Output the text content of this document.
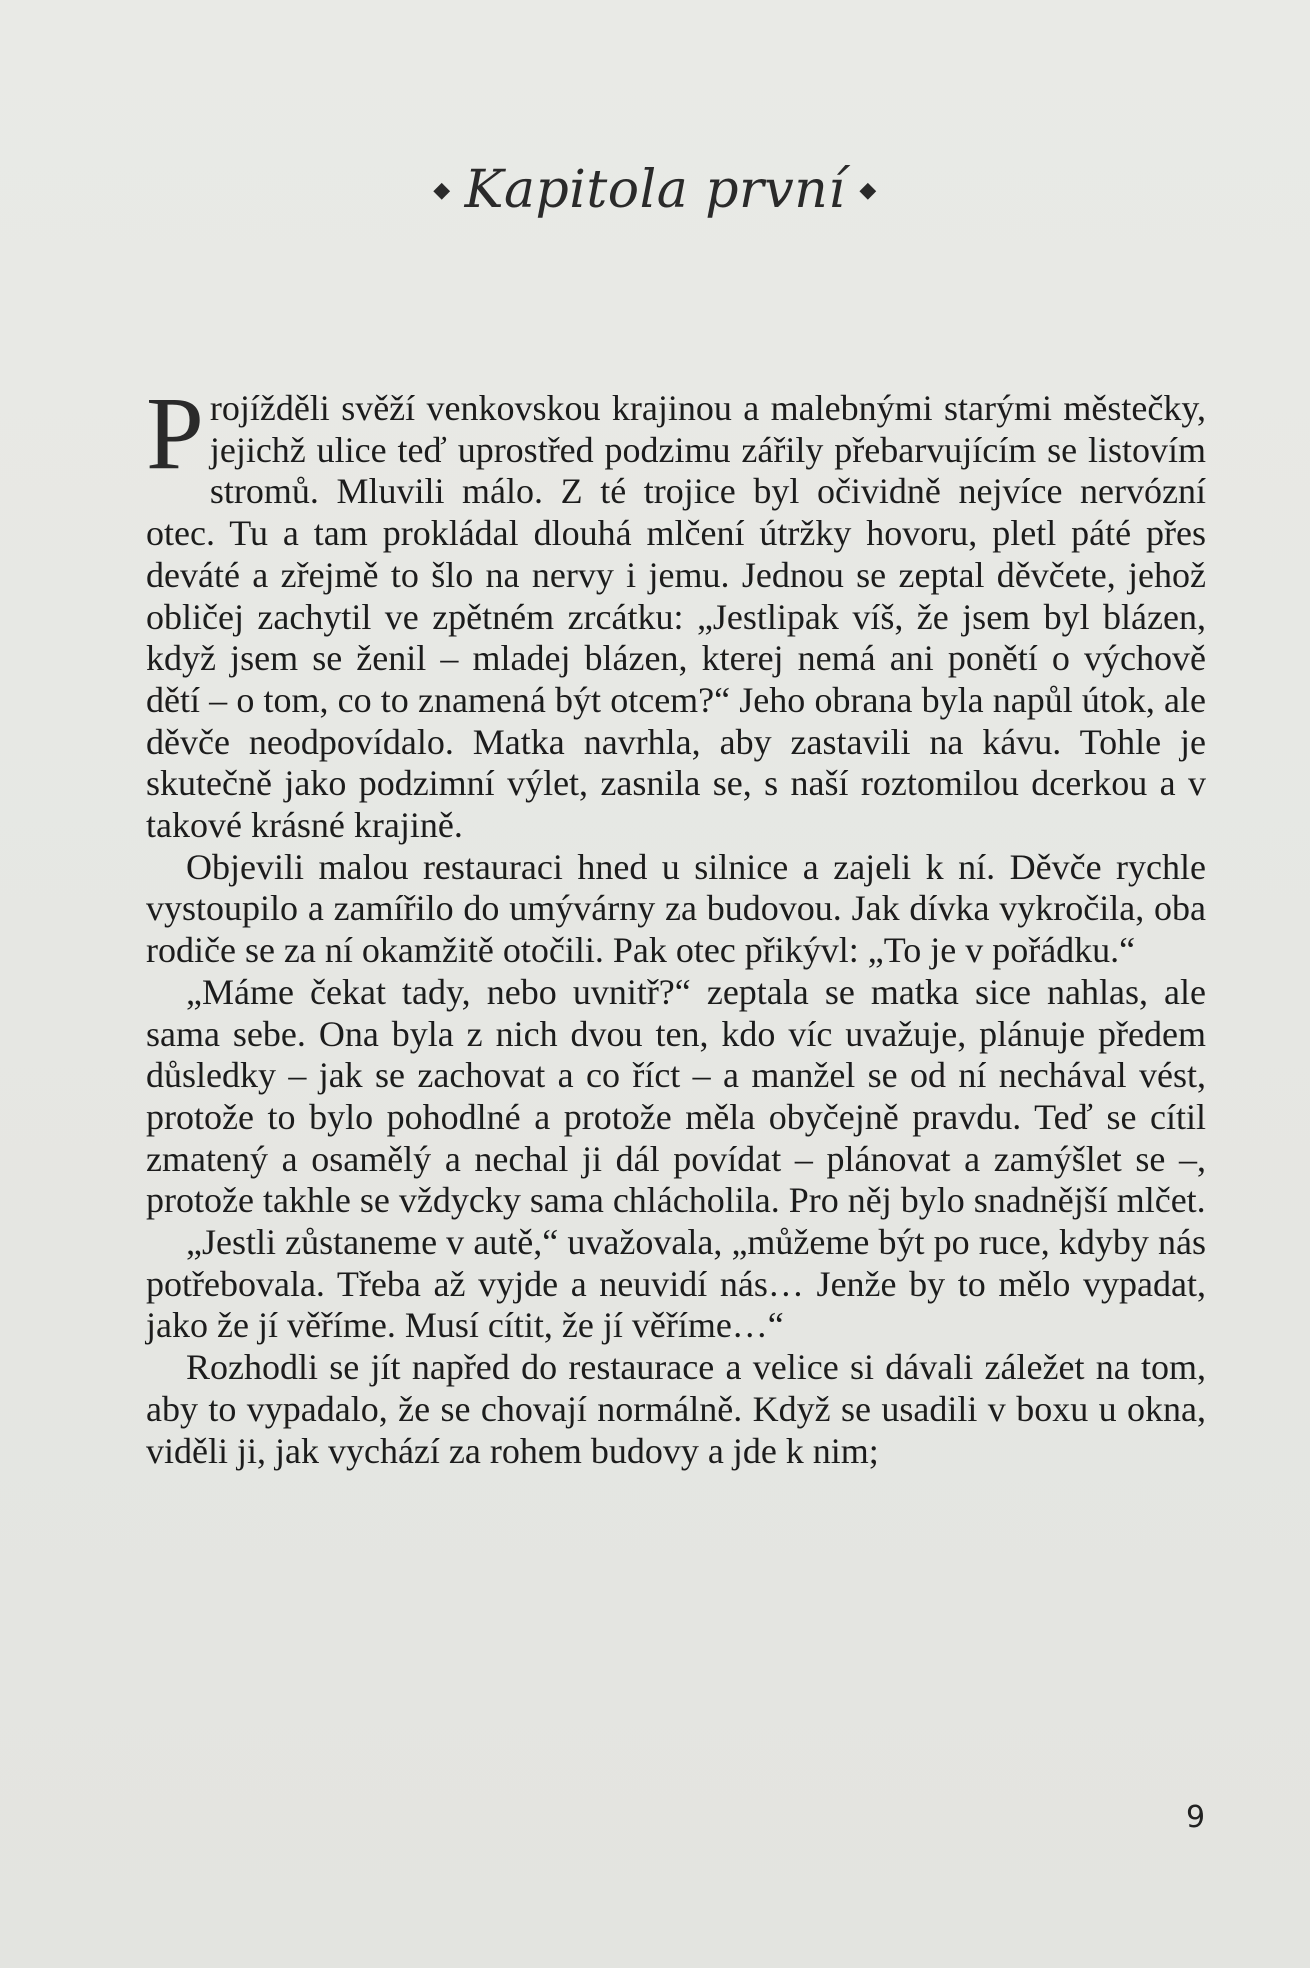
◆ Kapitola první ◆

Projížděli svěží venkovskou krajinou a malebnými starými městečky, jejichž ulice teď uprostřed podzimu zářily přebarvujícím se listovím stromů. Mluvili málo. Z té trojice byl očividně nejvíce nervózní otec. Tu a tam prokládal dlouhá mlčení útržky hovoru, pletl páté přes deváté a zřejmě to šlo na nervy i jemu. Jednou se zeptal děvčete, jehož obličej zachytil ve zpětném zrcátku: „Jestlipak víš, že jsem byl blázen, když jsem se ženil – mladej blázen, kterej nemá ani ponětí o výchově dětí – o tom, co to znamená být otcem?“ Jeho obrana byla napůl útok, ale děvče neodpovídalo. Matka navrhla, aby zastavili na kávu. Tohle je skutečně jako podzimní výlet, zasnila se, s naší roztomilou dcerkou a v takové krásné krajině.

Objevili malou restauraci hned u silnice a zajeli k ní. Děvče rychle vystoupilo a zamířilo do umývárny za budovou. Jak dívka vykročila, oba rodiče se za ní okamžitě otočili. Pak otec přikývl: „To je v pořádku.“

„Máme čekat tady, nebo uvnitř?“ zeptala se matka sice nahlas, ale sama sebe. Ona byla z nich dvou ten, kdo víc uvažuje, plánuje předem důsledky – jak se zachovat a co říct – a manžel se od ní nechával vést, protože to bylo pohodlné a protože měla obyčejně pravdu. Teď se cítil zmatený a osamělý a nechal ji dál povídat – plánovat a zamýšlet se –, protože takhle se vždycky sama chlácholila. Pro něj bylo snadnější mlčet.

„Jestli zůstaneme v autě,“ uvažovala, „můžeme být po ruce, kdyby nás potřebovala. Třeba až vyjde a neuvidí nás… Jenže by to mělo vypadat, jako že jí věříme. Musí cítit, že jí věříme…“

Rozhodli se jít napřed do restaurace a velice si dávali záležet na tom, aby to vypadalo, že se chovají normálně. Když se usadili v boxu u okna, viděli ji, jak vychází za rohem budovy a jde k nim;

9
